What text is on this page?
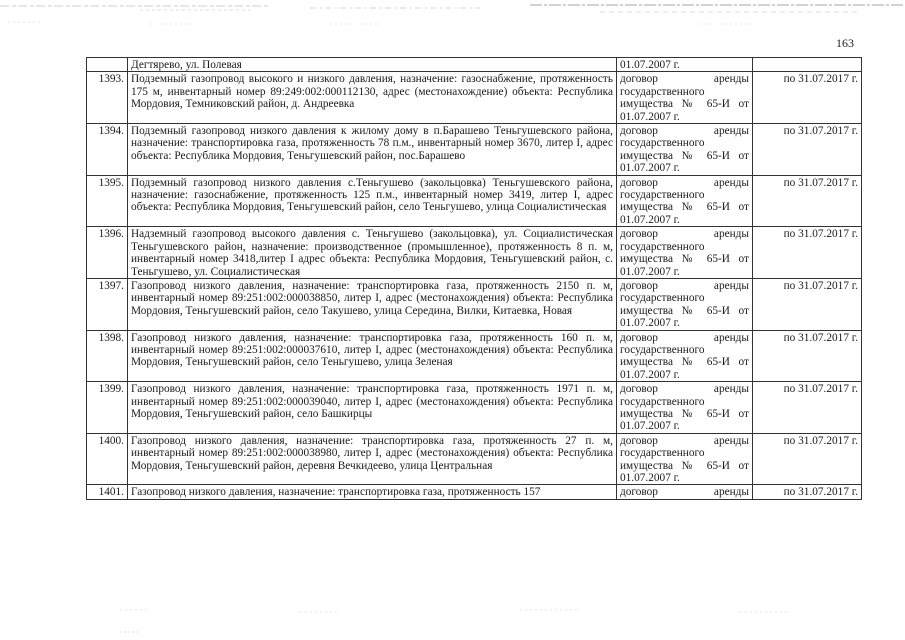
163
	Дегтярево, ул. Полевая	01.07.2007 г.	
1393.	Подземный газопровод высокого и низкого давления, назначение: газоснабжение, протяженность 175 м, инвентарный номер 89:249:002:000112130, адрес (местонахождение) объекта: Республика Мордовия, Темниковский район, д. Андреевка	договор аренды государственного имущества № 65-И от 01.07.2007 г.	по 31.07.2017 г.
1394.	Подземный газопровод низкого давления к жилому дому в п.Барашево Теньгушевского района, назначение: транспортировка газа, протяженность 78 п.м., инвентарный номер 3670, литер I, адрес объекта: Республика Мордовия, Теньгушевский район, пос.Барашево	договор аренды государственного имущества № 65-И от 01.07.2007 г.	по 31.07.2017 г.
1395.	Подземный газопровод низкого давления с.Теньгушево (закольцовка) Теньгушевского района, назначение: газоснабжение, протяженность 125 п.м., инвентарный номер 3419, литер I, адрес объекта: Республика Мордовия, Теньгушевский район, село Теньгушево, улица Социалистическая	договор аренды государственного имущества № 65-И от 01.07.2007 г.	по 31.07.2017 г.
1396.	Надземный газопровод высокого давления с. Теньгушево (закольцовка), ул. Социалистическая Теньгушевского район, назначение: производственное (промышленное), протяженность 8 п. м, инвентарный номер 3418,литер I адрес объекта: Республика Мордовия, Теньгушевский район, с. Теньгушево, ул. Социалистическая	договор аренды государственного имущества № 65-И от 01.07.2007 г.	по 31.07.2017 г.
1397.	Газопровод низкого давления, назначение: транспортировка газа, протяженность 2150 п. м, инвентарный номер 89:251:002:000038850, литер I, адрес (местонахождения) объекта: Республика Мордовия, Теньгушевский район, село Такушево, улица Середина, Вилки, Китаевка, Новая	договор аренды государственного имущества № 65-И от 01.07.2007 г.	по 31.07.2017 г.
1398.	Газопровод низкого давления, назначение: транспортировка газа, протяженность 160 п. м, инвентарный номер 89:251:002:000037610, литер I, адрес (местонахождения) объекта: Республика Мордовия, Теньгушевский район, село Теньгушево, улица Зеленая	договор аренды государственного имущества № 65-И от 01.07.2007 г.	по 31.07.2017 г.
1399.	Газопровод низкого давления, назначение: транспортировка газа, протяженность 1971 п. м, инвентарный номер 89:251:002:000039040, литер I, адрес (местонахождения) объекта: Республика Мордовия, Теньгушевский район, село Башкирцы	договор аренды государственного имущества № 65-И от 01.07.2007 г.	по 31.07.2017 г.
1400.	Газопровод низкого давления, назначение: транспортировка газа, протяженность 27 п. м, инвентарный номер 89:251:002:000038980, литер I, адрес (местонахождения) объекта: Республика Мордовия, Теньгушевский район, деревня Вечкидеево, улица Центральная	договор аренды государственного имущества № 65-И от 01.07.2007 г.	по 31.07.2017 г.
1401.	Газопровод низкого давления, назначение: транспортировка газа, протяженность 157	договор аренды	по 31.07.2017 г.
